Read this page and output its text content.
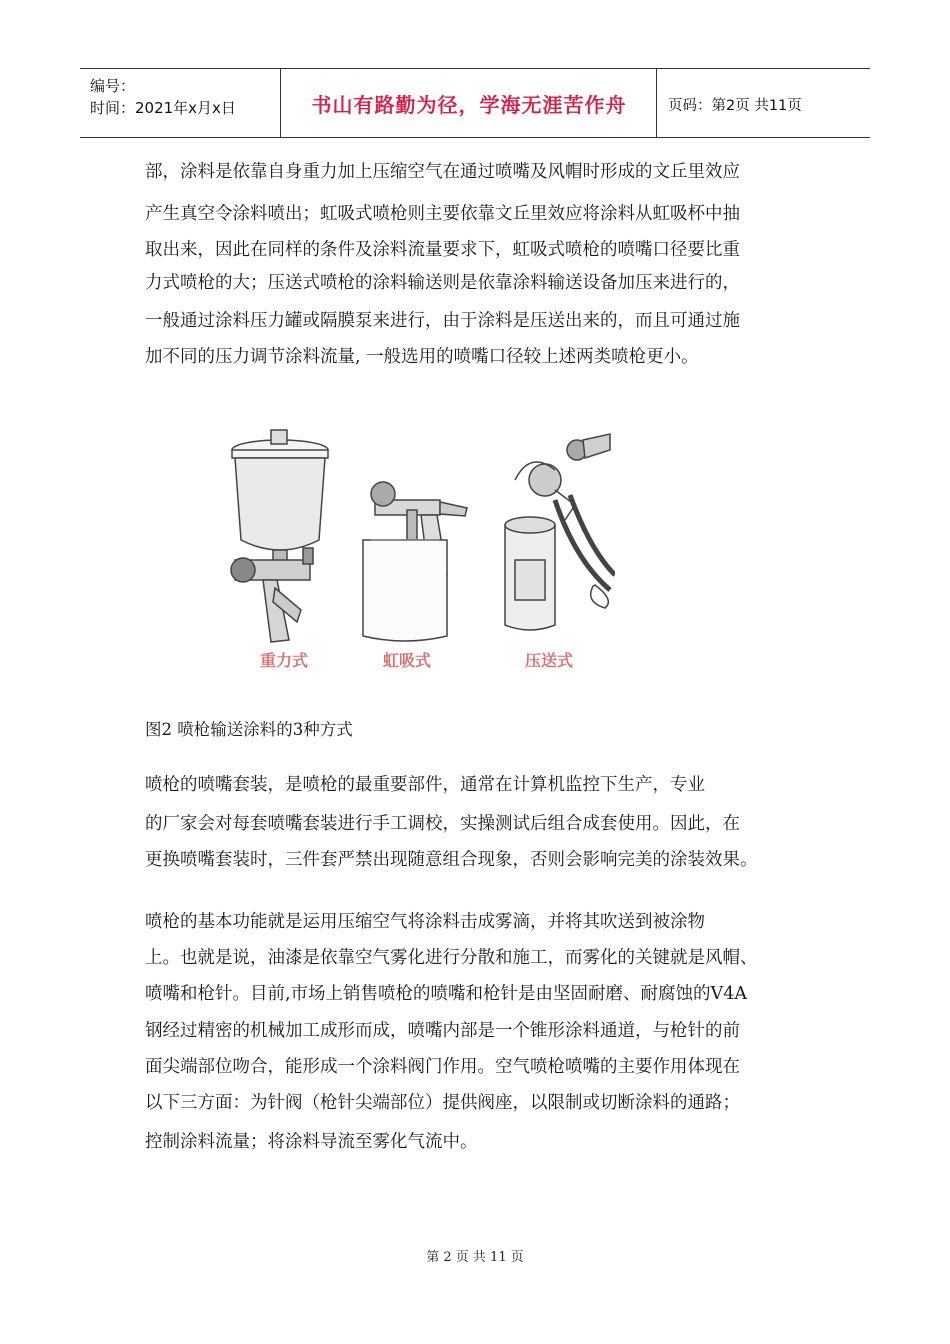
编号：
时间：2021年x月x日	书山有路勤为径，学海无涯苦作舟	页码：第2页 共11页
部，涂料是依靠自身重力加上压缩空气在通过喷嘴及风帽时形成的文丘里效应
产生真空令涂料喷出；虹吸式喷枪则主要依靠文丘里效应将涂料从虹吸杯中抽
取出来，因此在同样的条件及涂料流量要求下，虹吸式喷枪的喷嘴口径要比重
力式喷枪的大；压送式喷枪的涂料输送则是依靠涂料输送设备加压来进行的，
一般通过涂料压力罐或隔膜泵来进行，由于涂料是压送出来的，而且可通过施
加不同的压力调节涂料流量, 一般选用的喷嘴口径较上述两类喷枪更小。
重力式	虹吸式	压送式
图2 喷枪输送涂料的3种方式
喷枪的喷嘴套装，是喷枪的最重要部件，通常在计算机监控下生产，专业
的厂家会对每套喷嘴套装进行手工调校，实操测试后组合成套使用。因此，在
更换喷嘴套装时，三件套严禁出现随意组合现象，否则会影响完美的涂装效果。
喷枪的基本功能就是运用压缩空气将涂料击成雾滴，并将其吹送到被涂物
上。也就是说，油漆是依靠空气雾化进行分散和施工，而雾化的关键就是风帽、
喷嘴和枪针。目前,市场上销售喷枪的喷嘴和枪针是由坚固耐磨、耐腐蚀的V4A
钢经过精密的机械加工成形而成，喷嘴内部是一个锥形涂料通道，与枪针的前
面尖端部位吻合，能形成一个涂料阀门作用。空气喷枪喷嘴的主要作用体现在
以下三方面：为针阀（枪针尖端部位）提供阀座，以限制或切断涂料的通路；
控制涂料流量；将涂料导流至雾化气流中。
第 2 页 共 11 页
